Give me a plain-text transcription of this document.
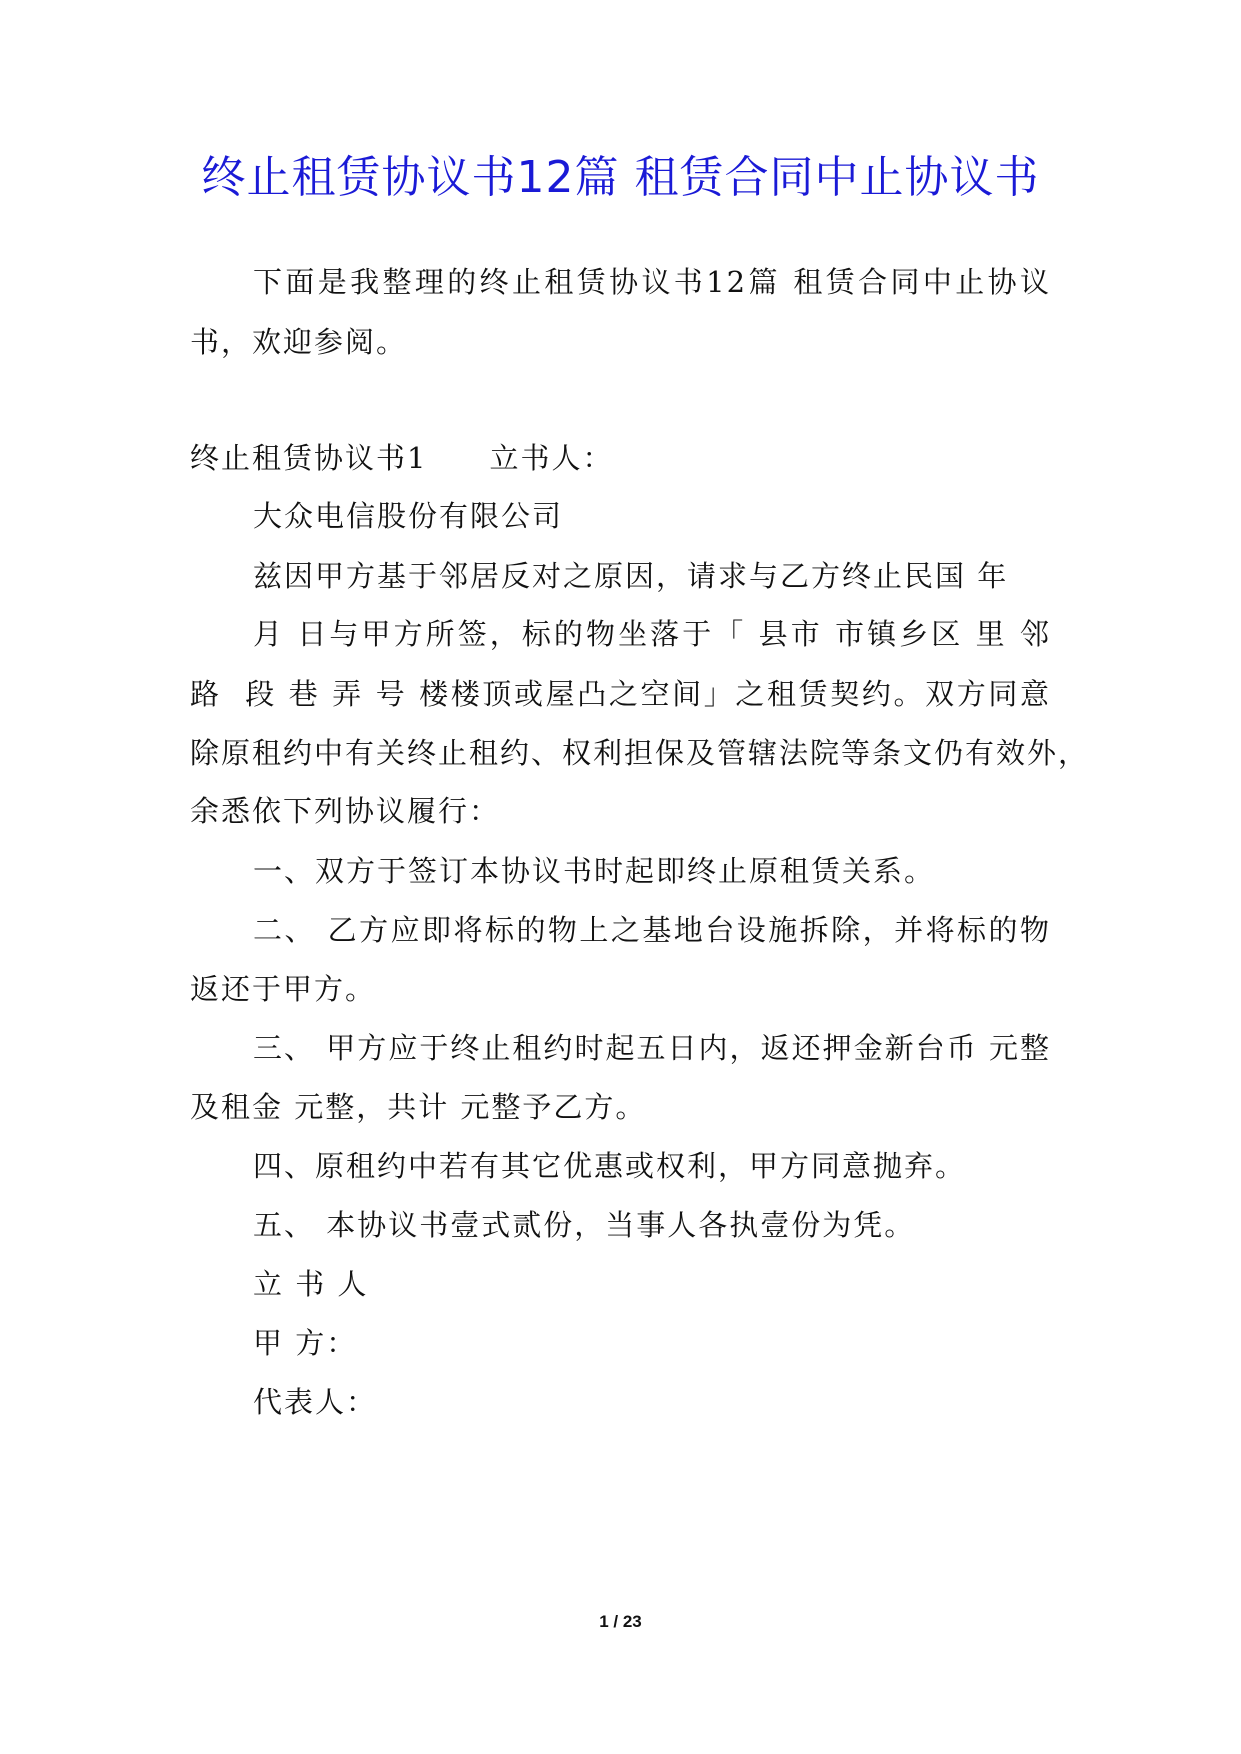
终止租赁协议书12篇 租赁合同中止协议书
下面是我整理的终止租赁协议书12篇 租赁合同中止协议
书，欢迎参阅。
终止租赁协议书1　　立书人：
大众电信股份有限公司
兹因甲方基于邻居反对之原因，请求与乙方终止民国 年
月 日与甲方所签，标的物坐落于「 县市 市镇乡区 里 邻
路  段 巷 弄 号 楼楼顶或屋凸之空间」之租赁契约。双方同意
除原租约中有关终止租约、权利担保及管辖法院等条文仍有效外，
余悉依下列协议履行：
一、双方于签订本协议书时起即终止原租赁关系。
二、 乙方应即将标的物上之基地台设施拆除，并将标的物
返还于甲方。
三、 甲方应于终止租约时起五日内，返还押金新台币 元整
及租金 元整，共计 元整予乙方。
四、原租约中若有其它优惠或权利，甲方同意抛弃。
五、 本协议书壹式贰份，当事人各执壹份为凭。
立 书 人
甲 方：
代表人：
1 / 23
